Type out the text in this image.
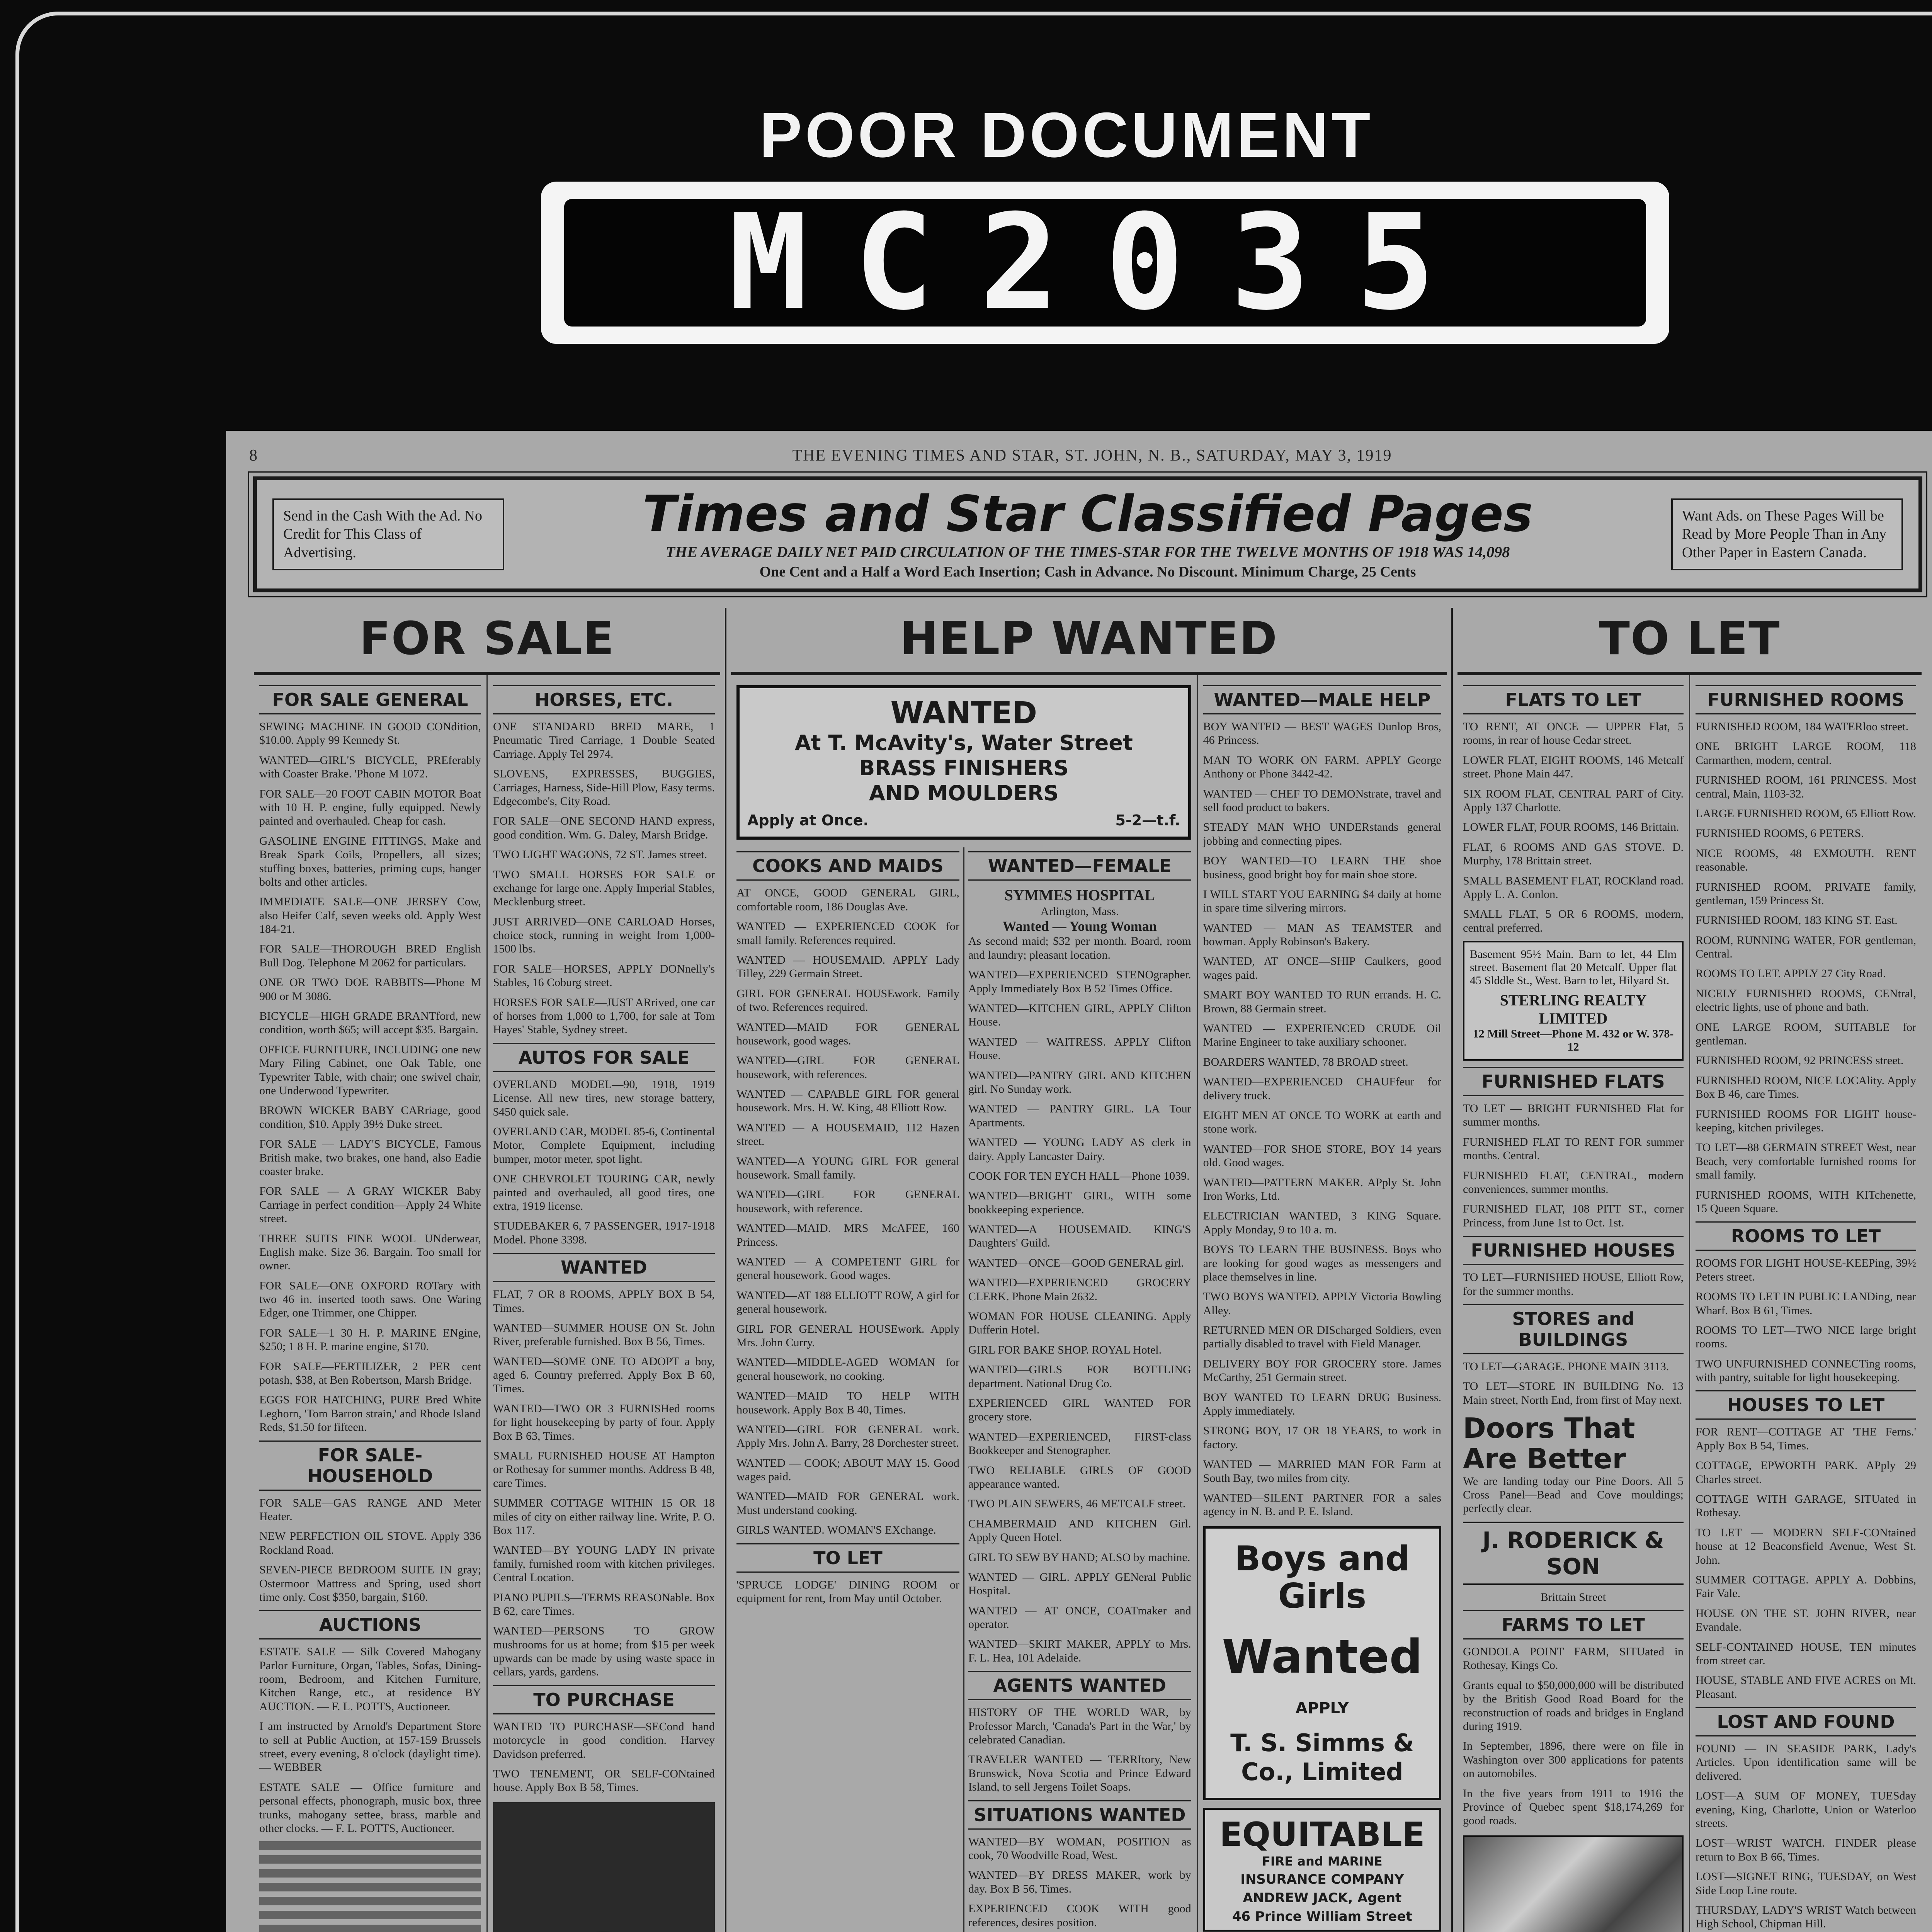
POOR DOCUMENT
MC2035
8	THE EVENING TIMES AND STAR, ST. JOHN, N. B., SATURDAY, MAY 3, 1919
Send in the Cash With the Ad. No Credit for This Class of Advertising.
Times and Star Classified Pages
THE AVERAGE DAILY NET PAID CIRCULATION OF THE TIMES-STAR FOR THE TWELVE MONTHS OF 1918 WAS 14,098
One Cent and a Half a Word Each Insertion; Cash in Advance. No Discount. Minimum Charge, 25 Cents
Want Ads. on These Pages Will be Read by More People Than in Any Other Paper in Eastern Canada.
FOR SALE
FOR SALE GENERAL
SEWING MACHINE IN GOOD CONdition, $10.00. Apply 99 Kennedy St.
WANTED—GIRL'S BICYCLE, PREferably with Coaster Brake. 'Phone M 1072.
FOR SALE—20 FOOT CABIN MOTOR Boat with 10 H. P. engine, fully equipped. Newly painted and overhauled. Cheap for cash.
GASOLINE ENGINE FITTINGS, Make and Break Spark Coils, Propellers, all sizes; stuffing boxes, batteries, priming cups, hanger bolts and other articles.
IMMEDIATE SALE—ONE JERSEY Cow, also Heifer Calf, seven weeks old. Apply West 184-21.
FOR SALE—THOROUGH BRED English Bull Dog. Telephone M 2062 for particulars.
ONE OR TWO DOE RABBITS—Phone M 900 or M 3086.
BICYCLE—HIGH GRADE BRANTford, new condition, worth $65; will accept $35. Bargain.
OFFICE FURNITURE, INCLUDING one new Mary Filing Cabinet, one Oak Table, one Typewriter Table, with chair; one swivel chair, one Underwood Typewriter.
BROWN WICKER BABY CARriage, good condition, $10. Apply 39½ Duke street.
FOR SALE — LADY'S BICYCLE, Famous British make, two brakes, one hand, also Eadie coaster brake.
FOR SALE — A GRAY WICKER Baby Carriage in perfect condition—Apply 24 White street.
THREE SUITS FINE WOOL UNderwear, English make. Size 36. Bargain. Too small for owner.
FOR SALE—ONE OXFORD ROTary with two 46 in. inserted tooth saws. One Waring Edger, one Trimmer, one Chipper.
FOR SALE—1 30 H. P. MARINE ENgine, $250; 1 8 H. P. marine engine, $170.
FOR SALE—FERTILIZER, 2 PER cent potash, $38, at Ben Robertson, Marsh Bridge.
EGGS FOR HATCHING, PURE Bred White Leghorn, 'Tom Barron strain,' and Rhode Island Reds, $1.50 for fifteen.
FOR SALE-HOUSEHOLD
FOR SALE—GAS RANGE AND Meter Heater.
NEW PERFECTION OIL STOVE. Apply 336 Rockland Road.
SEVEN-PIECE BEDROOM SUITE IN gray; Ostermoor Mattress and Spring, used short time only. Cost $350, bargain, $160.
AUCTIONS
ESTATE SALE — Silk Covered Mahogany Parlor Furniture, Organ, Tables, Sofas, Dining-room, Bedroom, and Kitchen Furniture, Kitchen Range, etc., at residence BY AUCTION. — F. L. POTTS, Auctioneer.
I am instructed by Arnold's Department Store to sell at Public Auction, at 157-159 Brussels street, every evening, 8 o'clock (daylight time). — WEBBER
ESTATE SALE — Office furniture and personal effects, phonograph, music box, three trunks, mahogany settee, brass, marble and other clocks. — F. L. POTTS, Auctioneer.
HORSES, ETC.
ONE STANDARD BRED MARE, 1 Pneumatic Tired Carriage, 1 Double Seated Carriage. Apply Tel 2974.
SLOVENS, EXPRESSES, BUGGIES, Carriages, Harness, Side-Hill Plow, Easy terms. Edgecombe's, City Road.
FOR SALE—ONE SECOND HAND express, good condition. Wm. G. Daley, Marsh Bridge.
TWO LIGHT WAGONS, 72 ST. James street.
TWO SMALL HORSES FOR SALE or exchange for large one. Apply Imperial Stables, Mecklenburg street.
JUST ARRIVED—ONE CARLOAD Horses, choice stock, running in weight from 1,000-1500 lbs.
FOR SALE—HORSES, APPLY DONnelly's Stables, 16 Coburg street.
HORSES FOR SALE—JUST ARrived, one car of horses from 1,000 to 1,700, for sale at Tom Hayes' Stable, Sydney street.
AUTOS FOR SALE
OVERLAND MODEL—90, 1918, 1919 License. All new tires, new storage battery, $450 quick sale.
OVERLAND CAR, MODEL 85-6, Continental Motor, Complete Equipment, including bumper, motor meter, spot light.
ONE CHEVROLET TOURING CAR, newly painted and overhauled, all good tires, one extra, 1919 license.
STUDEBAKER 6, 7 PASSENGER, 1917-1918 Model. Phone 3398.
WANTED
FLAT, 7 OR 8 ROOMS, APPLY BOX B 54, Times.
WANTED—SUMMER HOUSE ON St. John River, preferable furnished. Box B 56, Times.
WANTED—SOME ONE TO ADOPT a boy, aged 6. Country preferred. Apply Box B 60, Times.
WANTED—TWO OR 3 FURNISHed rooms for light housekeeping by party of four. Apply Box B 63, Times.
SMALL FURNISHED HOUSE AT Hampton or Rothesay for summer months. Address B 48, care Times.
SUMMER COTTAGE WITHIN 15 OR 18 miles of city on either railway line. Write, P. O. Box 117.
WANTED—BY YOUNG LADY IN private family, furnished room with kitchen privileges. Central Location.
PIANO PUPILS—TERMS REASONable. Box B 62, care Times.
WANTED—PERSONS TO GROW mushrooms for us at home; from $15 per week upwards can be made by using waste space in cellars, yards, gardens.
TO PURCHASE
WANTED TO PURCHASE—SECond hand motorcycle in good condition. Harvey Davidson preferred.
TWO TENEMENT, OR SELF-CONtained house. Apply Box B 58, Times.
HELP WANTED
WANTED
At T. McAvity's, Water Street
BRASS FINISHERS
AND MOULDERS
Apply at Once.	5-2—t.f.
COOKS AND MAIDS
AT ONCE, GOOD GENERAL GIRL, comfortable room, 186 Douglas Ave.
WANTED — EXPERIENCED COOK for small family. References required.
WANTED — HOUSEMAID. APPLY Lady Tilley, 229 Germain Street.
GIRL FOR GENERAL HOUSEwork. Family of two. References required.
WANTED—MAID FOR GENERAL housework, good wages.
WANTED—GIRL FOR GENERAL housework, with references.
WANTED — CAPABLE GIRL FOR general housework. Mrs. H. W. King, 48 Elliott Row.
WANTED — A HOUSEMAID, 112 Hazen street.
WANTED—A YOUNG GIRL FOR general housework. Small family.
WANTED—GIRL FOR GENERAL housework, with reference.
WANTED—MAID. MRS McAFEE, 160 Princess.
WANTED — A COMPETENT GIRL for general housework. Good wages.
WANTED—AT 188 ELLIOTT ROW, A girl for general housework.
GIRL FOR GENERAL HOUSEwork. Apply Mrs. John Curry.
WANTED—MIDDLE-AGED WOMAN for general housework, no cooking.
WANTED—MAID TO HELP WITH housework. Apply Box B 40, Times.
WANTED—GIRL FOR GENERAL work. Apply Mrs. John A. Barry, 28 Dorchester street.
WANTED — COOK; ABOUT MAY 15. Good wages paid.
WANTED—MAID FOR GENERAL work. Must understand cooking.
GIRLS WANTED. WOMAN'S EXchange.
TO LET
'SPRUCE LODGE' DINING ROOM or equipment for rent, from May until October.
WANTED—FEMALE
SYMMES HOSPITAL
Arlington, Mass.
Wanted — Young Woman
As second maid; $32 per month. Board, room and laundry; pleasant location.
WANTED—EXPERIENCED STENOgrapher. Apply Immediately Box B 52 Times Office.
WANTED—KITCHEN GIRL, APPLY Clifton House.
WANTED — WAITRESS. APPLY Clifton House.
WANTED—PANTRY GIRL AND KITCHEN girl. No Sunday work.
WANTED — PANTRY GIRL. LA Tour Apartments.
WANTED — YOUNG LADY AS clerk in dairy. Apply Lancaster Dairy.
COOK FOR TEN EYCH HALL—Phone 1039.
WANTED—BRIGHT GIRL, WITH some bookkeeping experience.
WANTED—A HOUSEMAID. KING'S Daughters' Guild.
WANTED—ONCE—GOOD GENERAL girl.
WANTED—EXPERIENCED GROCERY CLERK. Phone Main 2632.
WOMAN FOR HOUSE CLEANING. Apply Dufferin Hotel.
GIRL FOR BAKE SHOP. ROYAL Hotel.
WANTED—GIRLS FOR BOTTLING department. National Drug Co.
EXPERIENCED GIRL WANTED FOR grocery store.
WANTED—EXPERIENCED, FIRST-class Bookkeeper and Stenographer.
TWO RELIABLE GIRLS OF GOOD appearance wanted.
TWO PLAIN SEWERS, 46 METCALF street.
CHAMBERMAID AND KITCHEN Girl. Apply Queen Hotel.
GIRL TO SEW BY HAND; ALSO by machine.
WANTED — GIRL. APPLY GENeral Public Hospital.
WANTED — AT ONCE, COATmaker and operator.
WANTED—SKIRT MAKER, APPLY to Mrs. F. L. Hea, 101 Adelaide.
AGENTS WANTED
HISTORY OF THE WORLD WAR, by Professor March, 'Canada's Part in the War,' by celebrated Canadian.
TRAVELER WANTED — TERRItory, New Brunswick, Nova Scotia and Prince Edward Island, to sell Jergens Toilet Soaps.
SITUATIONS WANTED
WANTED—BY WOMAN, POSITION as cook, 70 Woodville Road, West.
WANTED—BY DRESS MAKER, work by day. Box B 56, Times.
EXPERIENCED COOK WITH good references, desires position.
WANTED—MALE HELP
BOY WANTED — BEST WAGES Dunlop Bros, 46 Princess.
MAN TO WORK ON FARM. APPLY George Anthony or Phone 3442-42.
WANTED — CHEF TO DEMONstrate, travel and sell food product to bakers.
STEADY MAN WHO UNDERstands general jobbing and connecting pipes.
BOY WANTED—TO LEARN THE shoe business, good bright boy for main shoe store.
I WILL START YOU EARNING $4 daily at home in spare time silvering mirrors.
WANTED — MAN AS TEAMSTER and bowman. Apply Robinson's Bakery.
WANTED, AT ONCE—SHIP Caulkers, good wages paid.
SMART BOY WANTED TO RUN errands. H. C. Brown, 88 Germain street.
WANTED — EXPERIENCED CRUDE Oil Marine Engineer to take auxiliary schooner.
BOARDERS WANTED, 78 BROAD street.
WANTED—EXPERIENCED CHAUFfeur for delivery truck.
EIGHT MEN AT ONCE TO WORK at earth and stone work.
WANTED—FOR SHOE STORE, BOY 14 years old. Good wages.
WANTED—PATTERN MAKER. APply St. John Iron Works, Ltd.
ELECTRICIAN WANTED, 3 KING Square. Apply Monday, 9 to 10 a. m.
BOYS TO LEARN THE BUSINESS. Boys who are looking for good wages as messengers and place themselves in line.
TWO BOYS WANTED. APPLY Victoria Bowling Alley.
RETURNED MEN OR DIScharged Soldiers, even partially disabled to travel with Field Manager.
DELIVERY BOY FOR GROCERY store. James McCarthy, 251 Germain street.
BOY WANTED TO LEARN DRUG Business. Apply immediately.
STRONG BOY, 17 OR 18 YEARS, to work in factory.
WANTED — MARRIED MAN FOR Farm at South Bay, two miles from city.
WANTED—SILENT PARTNER FOR a sales agency in N. B. and P. E. Island.
Boys and Girls
Wanted
APPLY
T. S. Simms & Co., Limited
EQUITABLE FIRE and MARINE
INSURANCE COMPANY
ANDREW JACK, Agent
46 Prince William Street
TO LET
FLATS TO LET
TO RENT, AT ONCE — UPPER Flat, 5 rooms, in rear of house Cedar street.
LOWER FLAT, EIGHT ROOMS, 146 Metcalf street. Phone Main 447.
SIX ROOM FLAT, CENTRAL PART of City. Apply 137 Charlotte.
LOWER FLAT, FOUR ROOMS, 146 Brittain.
FLAT, 6 ROOMS AND GAS STOVE. D. Murphy, 178 Brittain street.
SMALL BASEMENT FLAT, ROCKland road. Apply L. A. Conlon.
SMALL FLAT, 5 OR 6 ROOMS, modern, central preferred.
Basement 95½ Main. Barn to let, 44 Elm street. Basement flat 20 Metcalf. Upper flat 45 Slddle St., West. Barn to let, Hilyard St.
STERLING REALTY LIMITED
12 Mill Street—Phone M. 432 or W. 378-12
FURNISHED FLATS
TO LET — BRIGHT FURNISHED Flat for summer months.
FURNISHED FLAT TO RENT FOR summer months. Central.
FURNISHED FLAT, CENTRAL, modern conveniences, summer months.
FURNISHED FLAT, 108 PITT ST., corner Princess, from June 1st to Oct. 1st.
FURNISHED HOUSES
TO LET—FURNISHED HOUSE, Elliott Row, for the summer months.
STORES and BUILDINGS
TO LET—GARAGE. PHONE MAIN 3113.
TO LET—STORE IN BUILDING No. 13 Main street, North End, from first of May next.
Doors That Are Better
We are landing today our Pine Doors. All 5 Cross Panel—Bead and Cove mouldings; perfectly clear.
J. RODERICK & SON
Brittain Street
FARMS TO LET
GONDOLA POINT FARM, SITUated in Rothesay, Kings Co.
Grants equal to $50,000,000 will be distributed by the British Good Road Board for the reconstruction of roads and bridges in England during 1919.
In September, 1896, there were on file in Washington over 300 applications for patents on automobiles.
In the five years from 1911 to 1916 the Province of Quebec spent $18,174,269 for good roads.
FURNISHED ROOMS
FURNISHED ROOM, 184 WATERloo street.
ONE BRIGHT LARGE ROOM, 118 Carmarthen, modern, central.
FURNISHED ROOM, 161 PRINCESS. Most central, Main, 1103-32.
LARGE FURNISHED ROOM, 65 Elliott Row.
FURNISHED ROOMS, 6 PETERS.
NICE ROOMS, 48 EXMOUTH. RENT reasonable.
FURNISHED ROOM, PRIVATE family, gentleman, 159 Princess St.
FURNISHED ROOM, 183 KING ST. East.
ROOM, RUNNING WATER, FOR gentleman, Central.
ROOMS TO LET. APPLY 27 City Road.
NICELY FURNISHED ROOMS, CENtral, electric lights, use of phone and bath.
ONE LARGE ROOM, SUITABLE for gentleman.
FURNISHED ROOM, 92 PRINCESS street.
FURNISHED ROOM, NICE LOCAlity. Apply Box B 46, care Times.
FURNISHED ROOMS FOR LIGHT house-keeping, kitchen privileges.
TO LET—88 GERMAIN STREET West, near Beach, very comfortable furnished rooms for small family.
FURNISHED ROOMS, WITH KITchenette, 15 Queen Square.
ROOMS TO LET
ROOMS FOR LIGHT HOUSE-KEEPing, 39½ Peters street.
ROOMS TO LET IN PUBLIC LANDing, near Wharf. Box B 61, Times.
ROOMS TO LET—TWO NICE large bright rooms.
TWO UNFURNISHED CONNECTing rooms, with pantry, suitable for light housekeeping.
HOUSES TO LET
FOR RENT—COTTAGE AT 'THE Ferns.' Apply Box B 54, Times.
COTTAGE, EPWORTH PARK. APply 29 Charles street.
COTTAGE WITH GARAGE, SITUated in Rothesay.
TO LET — MODERN SELF-CONtained house at 12 Beaconsfield Avenue, West St. John.
SUMMER COTTAGE. APPLY A. Dobbins, Fair Vale.
HOUSE ON THE ST. JOHN RIVER, near Evandale.
SELF-CONTAINED HOUSE, TEN minutes from street car.
HOUSE, STABLE AND FIVE ACRES on Mt. Pleasant.
LOST AND FOUND
FOUND — IN SEASIDE PARK, Lady's Articles. Upon identification same will be delivered.
LOST—A SUM OF MONEY, TUESday evening, King, Charlotte, Union or Waterloo streets.
LOST—WRIST WATCH. FINDER please return to Box B 66, Times.
LOST—SIGNET RING, TUESDAY, on West Side Loop Line route.
THURSDAY, LADY'S WRIST Watch between High School, Chipman Hill.
